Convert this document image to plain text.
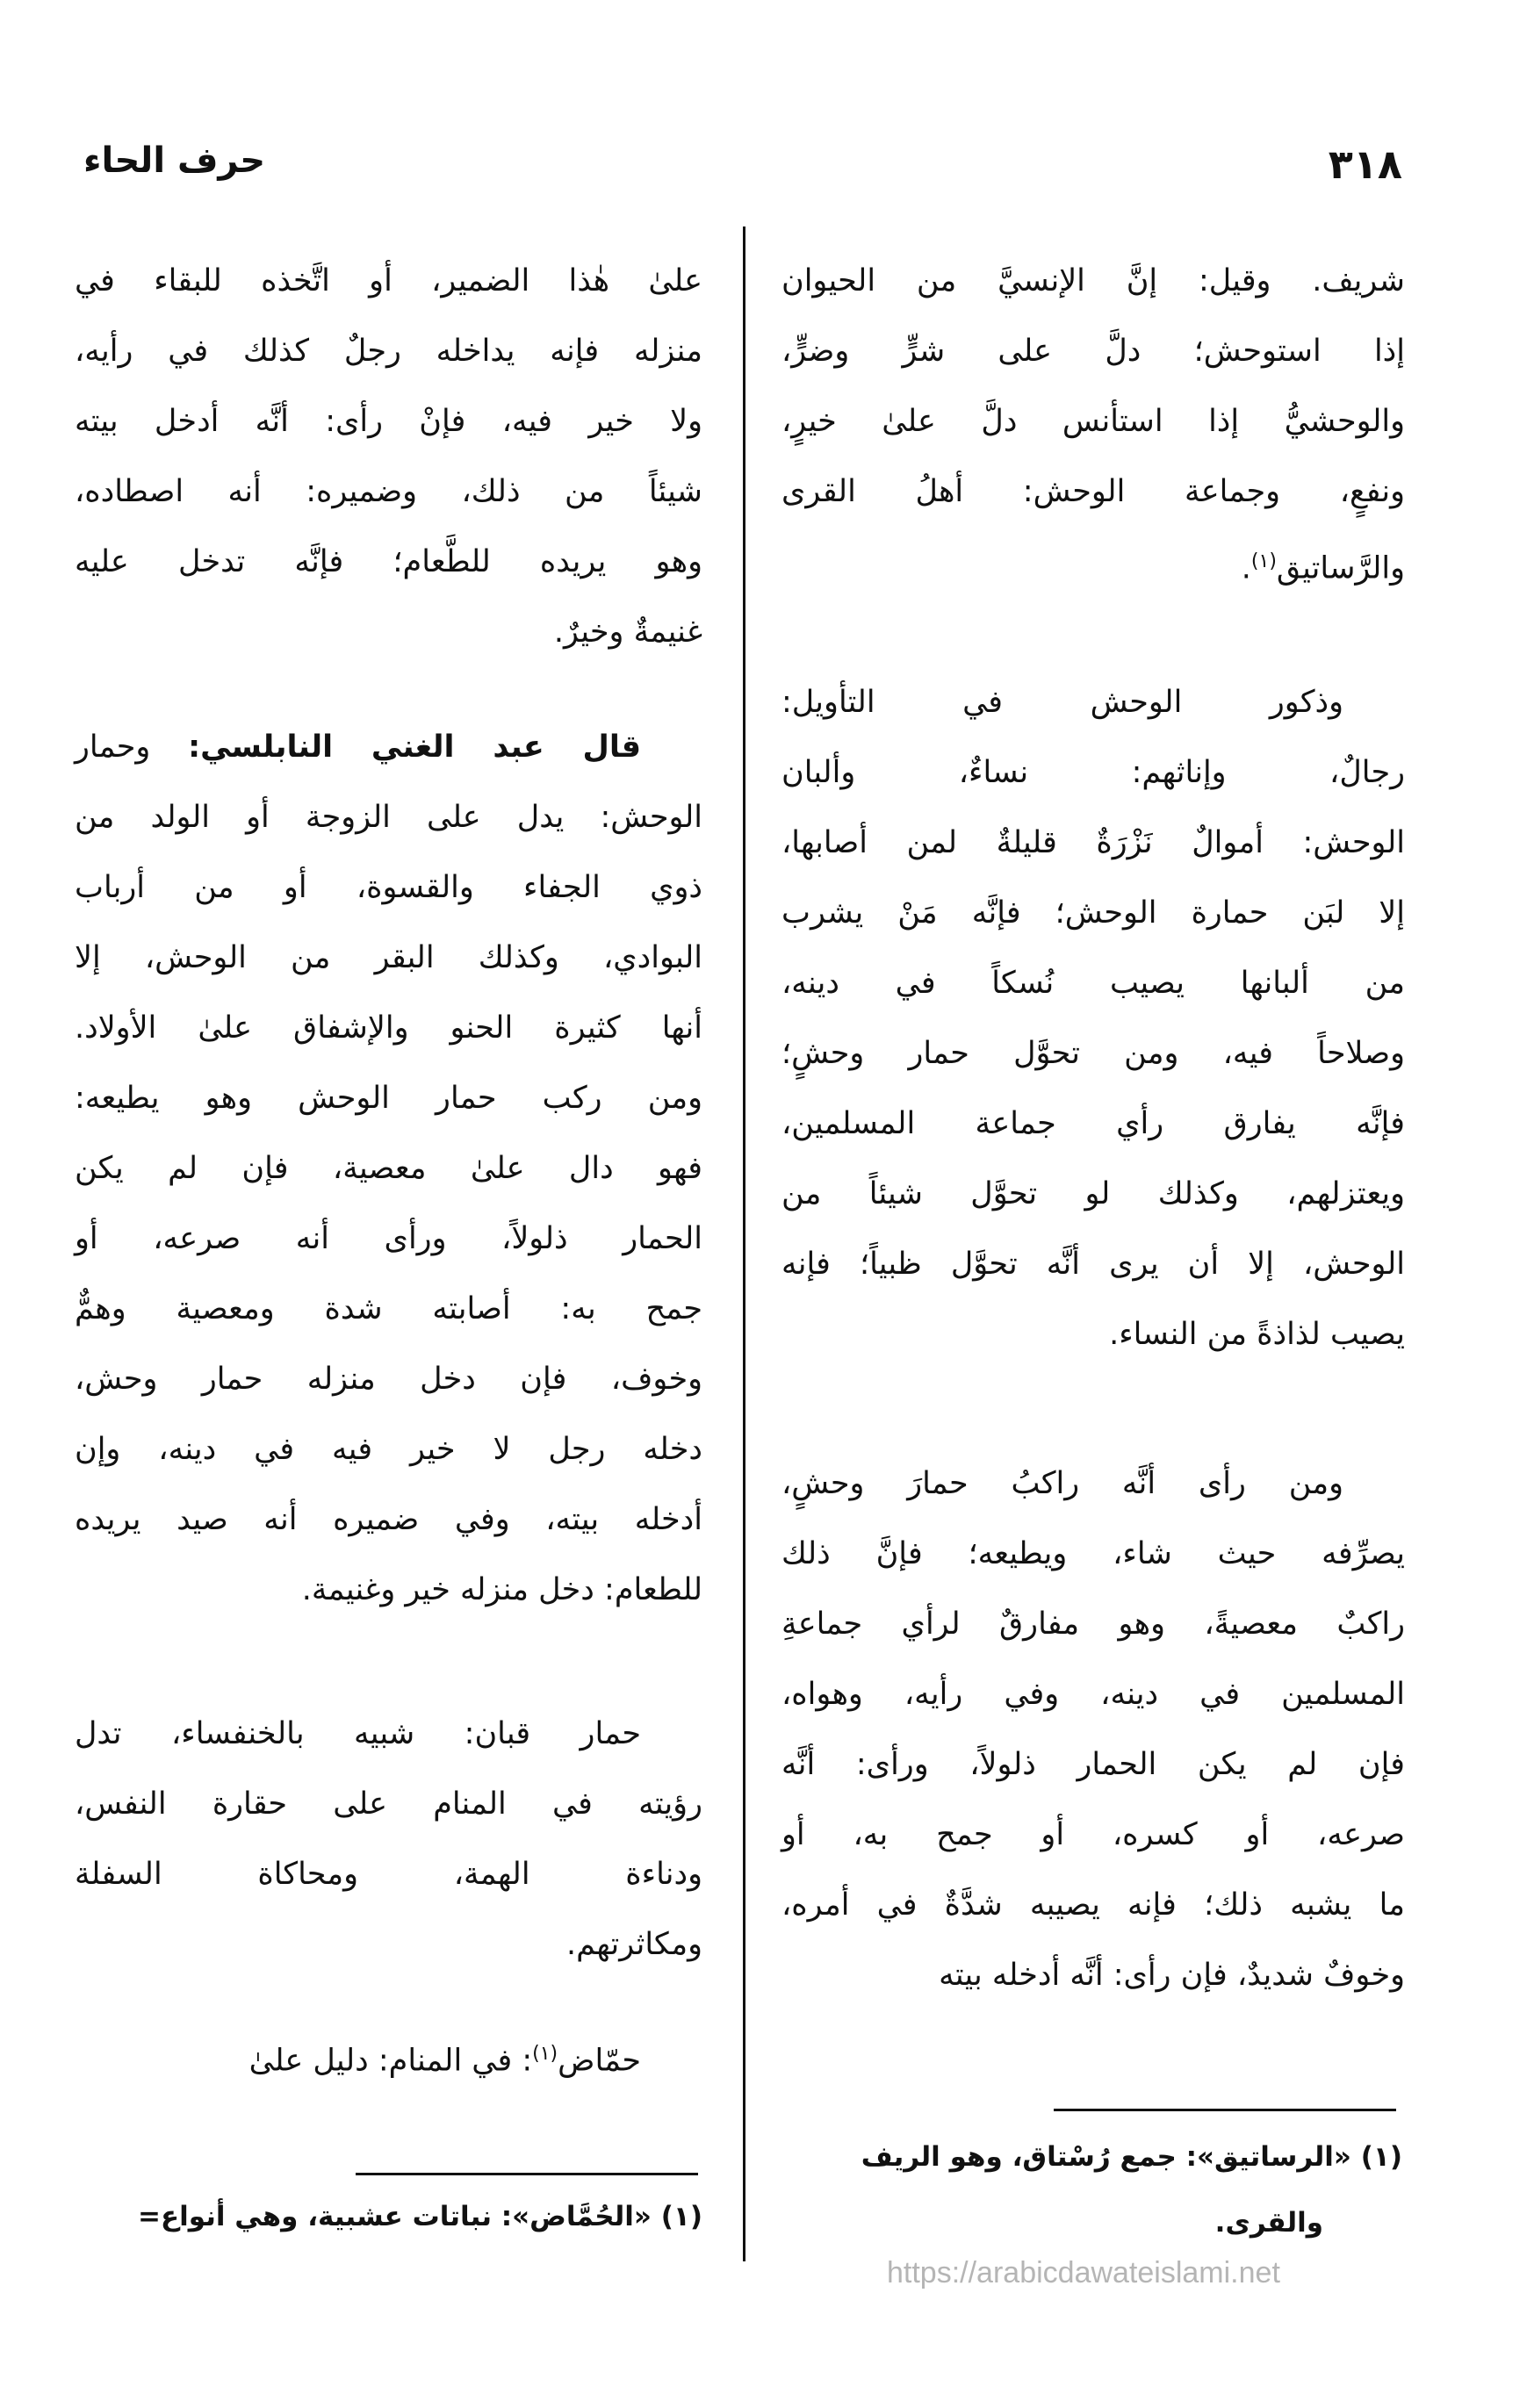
٣١٨
حرف الحاء
شريف. وقيل: إنَّ الإنسيَّ من الحيوان
إذا استوحش؛ دلَّ على شرٍّ وضرٍّ،
والوحشيُّ إذا استأنس دلَّ علىٰ خيرٍ،
ونفعٍ، وجماعة الوحش: أهلُ القرى
والرَّساتيق$^{(١)}$.
وذكور الوحش في التأويل:
رجالٌ، وإناثهم: نساءٌ، وألبان
الوحش: أموالٌ نَزْرَةٌ قليلةٌ لمن أصابها،
إلا لبَن حمارة الوحش؛ فإنَّه مَنْ يشرب
من ألبانها يصيب نُسكاً في دينه،
وصلاحاً فيه، ومن تحوَّل حمار وحشٍ؛
فإنَّه يفارق رأي جماعة المسلمين،
ويعتزلهم، وكذلك لو تحوَّل شيئاً من
الوحش، إلا أن يرى أنَّه تحوَّل ظبياً؛ فإنه
يصيب لذاذةً من النساء.
ومن رأى أنَّه راكبُ حمارَ وحشٍ،
يصرِّفه حيث شاء، ويطيعه؛ فإنَّ ذلك
راكبٌ معصيةً، وهو مفارقٌ لرأي جماعةِ
المسلمين في دينه، وفي رأيه، وهواه،
فإن لم يكن الحمار ذلولاً، ورأى: أنَّه
صرعه، أو كسره، أو جمح به، أو
ما يشبه ذلك؛ فإنه يصيبه شدَّةٌ في أمره،
وخوفٌ شديدٌ، فإن رأى: أنَّه أدخله بيته
علىٰ هٰذا الضمير، أو اتَّخذه للبقاء في
منزله فإنه يداخله رجلٌ كذلك في رأيه،
ولا خير فيه، فإنْ رأى: أنَّه أدخل بيته
شيئاً من ذلك، وضميره: أنه اصطاده،
وهو يريده للطَّعام؛ فإنَّه تدخل عليه
غنيمةٌ وخيرٌ.
قال عبد الغني النابلسي: وحمار
الوحش: يدل على الزوجة أو الولد من
ذوي الجفاء والقسوة، أو من أرباب
البوادي، وكذلك البقر من الوحش، إلا
أنها كثيرة الحنو والإشفاق علىٰ الأولاد.
ومن ركب حمار الوحش وهو يطيعه:
فهو دال علىٰ معصية، فإن لم يكن
الحمار ذلولاً، ورأى أنه صرعه، أو
جمح به: أصابته شدة ومعصية وهمٌّ
وخوف، فإن دخل منزله حمار وحش،
دخله رجل لا خير فيه في دينه، وإن
أدخله بيته، وفي ضميره أنه صيد يريده
للطعام: دخل منزله خير وغنيمة.
حمار قبان: شبيه بالخنفساء، تدل
رؤيته في المنام على حقارة النفس،
ودناءة الهمة، ومحاكاة السفلة
ومكاثرتهم.
حمّاض$^{(١)}$: في المنام: دليل علىٰ
(١) «الرساتيق»: جمع رُسْتاق، وهو الريف
والقرى.
(١) «الحُمَّاض»: نباتات عشبية، وهي أنواع=
https://arabicdawateislami.net
